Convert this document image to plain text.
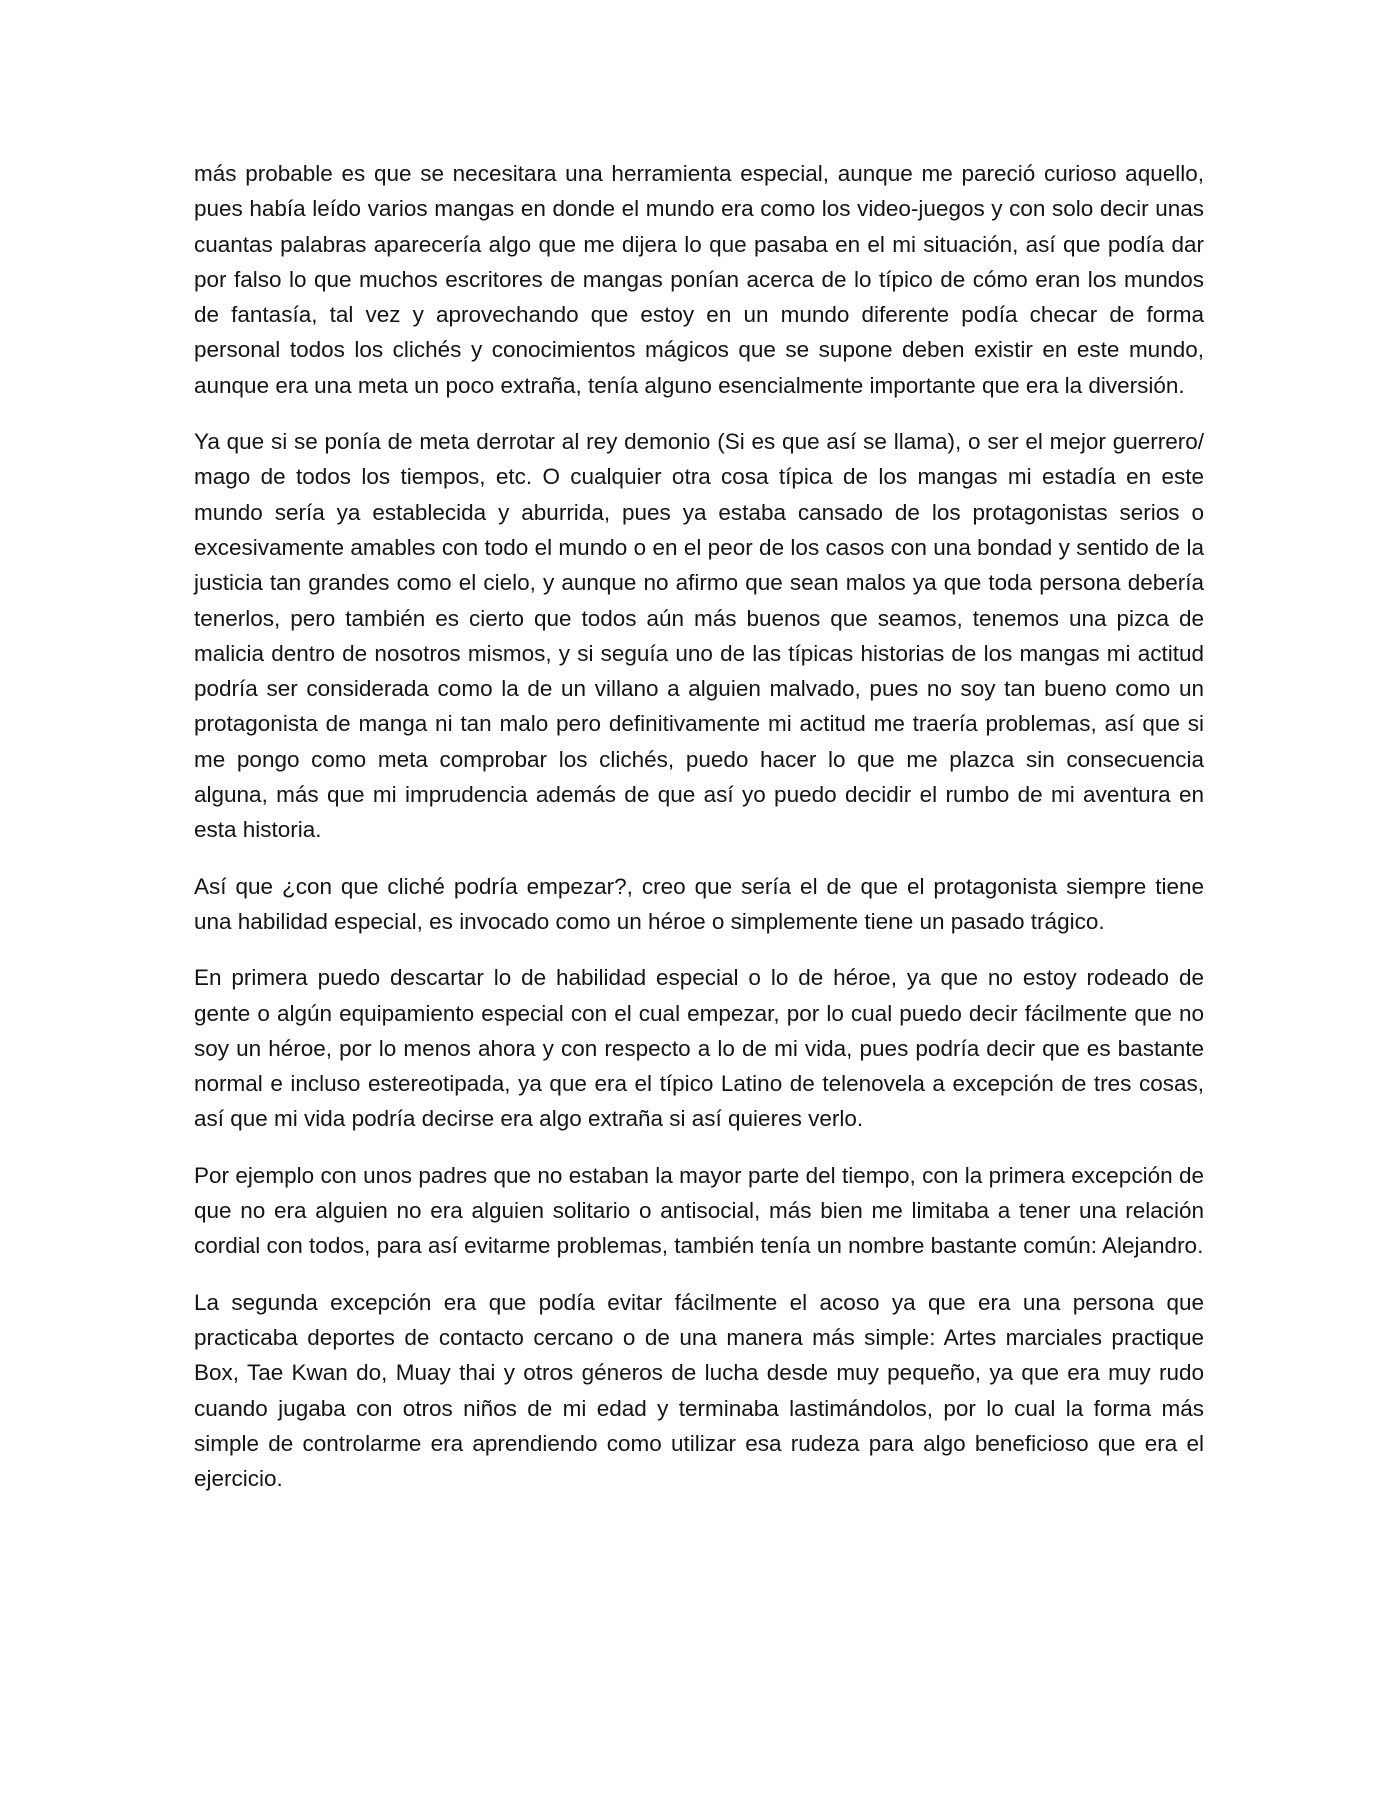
más probable es que se necesitara una herramienta especial, aunque me pareció curioso aquello, pues había leído varios mangas en donde el mundo era como los video-juegos y con solo decir unas cuantas palabras aparecería algo que me dijera lo que pasaba en el mi situación, así que podía dar por falso lo que muchos escritores de mangas ponían acerca de lo típico de cómo eran los mundos de fantasía, tal vez y aprovechando que estoy en un mundo diferente podía checar de forma personal todos los clichés y conocimientos mágicos que se supone deben existir en este mundo, aunque era una meta un poco extraña, tenía alguno esencialmente importante que era la diversión.

Ya que si se ponía de meta derrotar al rey demonio (Si es que así se llama), o ser el mejor guerrero/ mago de todos los tiempos, etc. O cualquier otra cosa típica de los mangas mi estadía en este mundo sería ya establecida y aburrida, pues ya estaba cansado de los protagonistas serios o excesivamente amables con todo el mundo o en el peor de los casos con una bondad y sentido de la justicia tan grandes como el cielo, y aunque no afirmo que sean malos ya que toda persona debería tenerlos, pero también es cierto que todos aún más buenos que seamos, tenemos una pizca de malicia dentro de nosotros mismos, y si seguía uno de las típicas historias de los mangas mi actitud podría ser considerada como la de un villano a alguien malvado, pues no soy tan bueno como un protagonista de manga ni tan malo pero definitivamente mi actitud me traería problemas, así que si me pongo como meta comprobar los clichés, puedo hacer lo que me plazca sin consecuencia alguna, más que mi imprudencia además de que así yo puedo decidir el rumbo de mi aventura en esta historia.

Así que ¿con que cliché podría empezar?, creo que sería el de que el protagonista siempre tiene una habilidad especial, es invocado como un héroe o simplemente tiene un pasado trágico.

En primera puedo descartar lo de habilidad especial o lo de héroe, ya que no estoy rodeado de gente o algún equipamiento especial con el cual empezar, por lo cual puedo decir fácilmente que no soy un héroe, por lo menos ahora y con respecto a lo de mi vida, pues podría decir que es bastante normal e incluso estereotipada, ya que era el típico Latino de telenovela a excepción de tres cosas, así que mi vida podría decirse era algo extraña si así quieres verlo.

Por ejemplo con unos padres que no estaban la mayor parte del tiempo, con la primera excepción de que no era alguien no era alguien solitario o antisocial, más bien me limitaba a tener una relación cordial con todos, para así evitarme problemas, también tenía un nombre bastante común: Alejandro.

La segunda excepción era que podía evitar fácilmente el acoso ya que era una persona que practicaba deportes de contacto cercano o de una manera más simple: Artes marciales practique Box, Tae Kwan do, Muay thai y otros géneros de lucha desde muy pequeño, ya que era muy rudo cuando jugaba con otros niños de mi edad y terminaba lastimándolos, por lo cual la forma más simple de controlarme era aprendiendo como utilizar esa rudeza para algo beneficioso que era el ejercicio.
